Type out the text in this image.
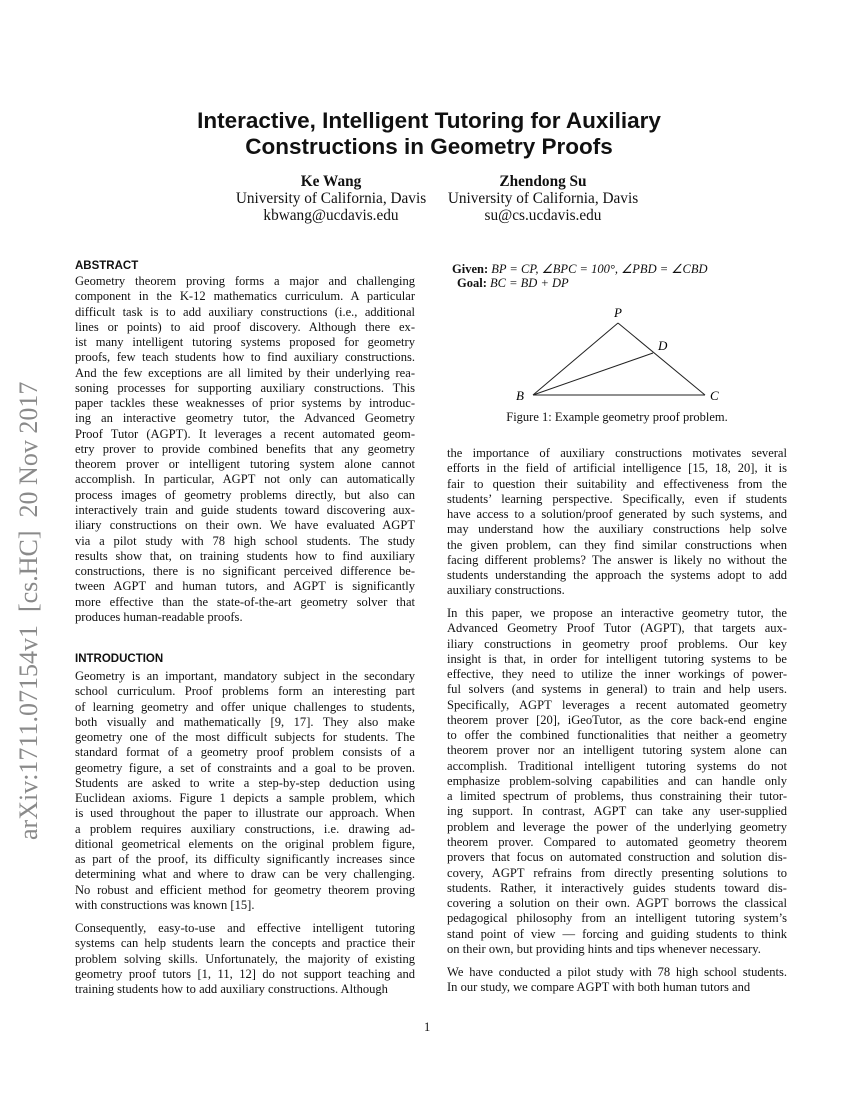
arXiv:1711.07154v1  [cs.HC]  20 Nov 2017
Interactive, Intelligent Tutoring for Auxiliary
Constructions in Geometry Proofs
Ke Wang
University of California, Davis
kbwang@ucdavis.edu
Zhendong Su
University of California, Davis
su@cs.ucdavis.edu
ABSTRACT
Geometry theorem proving forms a major and challenging
component in the K-12 mathematics curriculum. A particular
difficult task is to add auxiliary constructions (i.e., additional
lines or points) to aid proof discovery. Although there ex-
ist many intelligent tutoring systems proposed for geometry
proofs, few teach students how to find auxiliary constructions.
And the few exceptions are all limited by their underlying rea-
soning processes for supporting auxiliary constructions. This
paper tackles these weaknesses of prior systems by introduc-
ing an interactive geometry tutor, the Advanced Geometry
Proof Tutor (AGPT). It leverages a recent automated geom-
etry prover to provide combined benefits that any geometry
theorem prover or intelligent tutoring system alone cannot
accomplish. In particular, AGPT not only can automatically
process images of geometry problems directly, but also can
interactively train and guide students toward discovering aux-
iliary constructions on their own. We have evaluated AGPT
via a pilot study with 78 high school students. The study
results show that, on training students how to find auxiliary
constructions, there is no significant perceived difference be-
tween AGPT and human tutors, and AGPT is significantly
more effective than the state-of-the-art geometry solver that
produces human-readable proofs.
INTRODUCTION
Geometry is an important, mandatory subject in the secondary
school curriculum. Proof problems form an interesting part
of learning geometry and offer unique challenges to students,
both visually and mathematically [9, 17]. They also make
geometry one of the most difficult subjects for students. The
standard format of a geometry proof problem consists of a
geometry figure, a set of constraints and a goal to be proven.
Students are asked to write a step-by-step deduction using
Euclidean axioms. Figure 1 depicts a sample problem, which
is used throughout the paper to illustrate our approach. When
a problem requires auxiliary constructions, i.e. drawing ad-
ditional geometrical elements on the original problem figure,
as part of the proof, its difficulty significantly increases since
determining what and where to draw can be very challenging.
No robust and efficient method for geometry theorem proving
with constructions was known [15].
Consequently, easy-to-use and effective intelligent tutoring
systems can help students learn the concepts and practice their
problem solving skills. Unfortunately, the majority of existing
geometry proof tutors [1, 11, 12] do not support teaching and
training students how to add auxiliary constructions. Although
the importance of auxiliary constructions motivates several
efforts in the field of artificial intelligence [15, 18, 20], it is
fair to question their suitability and effectiveness from the
students’ learning perspective. Specifically, even if students
have access to a solution/proof generated by such systems, and
may understand how the auxiliary constructions help solve
the given problem, can they find similar constructions when
facing different problems? The answer is likely no without the
students understanding the approach the systems adopt to add
auxiliary constructions.
In this paper, we propose an interactive geometry tutor, the
Advanced Geometry Proof Tutor (AGPT), that targets aux-
iliary constructions in geometry proof problems. Our key
insight is that, in order for intelligent tutoring systems to be
effective, they need to utilize the inner workings of power-
ful solvers (and systems in general) to train and help users.
Specifically, AGPT leverages a recent automated geometry
theorem prover [20], iGeoTutor, as the core back-end engine
to offer the combined functionalities that neither a geometry
theorem prover nor an intelligent tutoring system alone can
accomplish. Traditional intelligent tutoring systems do not
emphasize problem-solving capabilities and can handle only
a limited spectrum of problems, thus constraining their tutor-
ing support. In contrast, AGPT can take any user-supplied
problem and leverage the power of the underlying geometry
theorem prover. Compared to automated geometry theorem
provers that focus on automated construction and solution dis-
covery, AGPT refrains from directly presenting solutions to
students. Rather, it interactively guides students toward dis-
covering a solution on their own. AGPT borrows the classical
pedagogical philosophy from an intelligent tutoring system’s
stand point of view — forcing and guiding students to think
on their own, but providing hints and tips whenever necessary.
We have conducted a pilot study with 78 high school students.
In our study, we compare AGPT with both human tutors and
Given: BP = CP, ∠BPC = 100°, ∠PBD = ∠CBD
Goal: BC = BD + DP
P
D
B	C
Figure 1: Example geometry proof problem.
1
